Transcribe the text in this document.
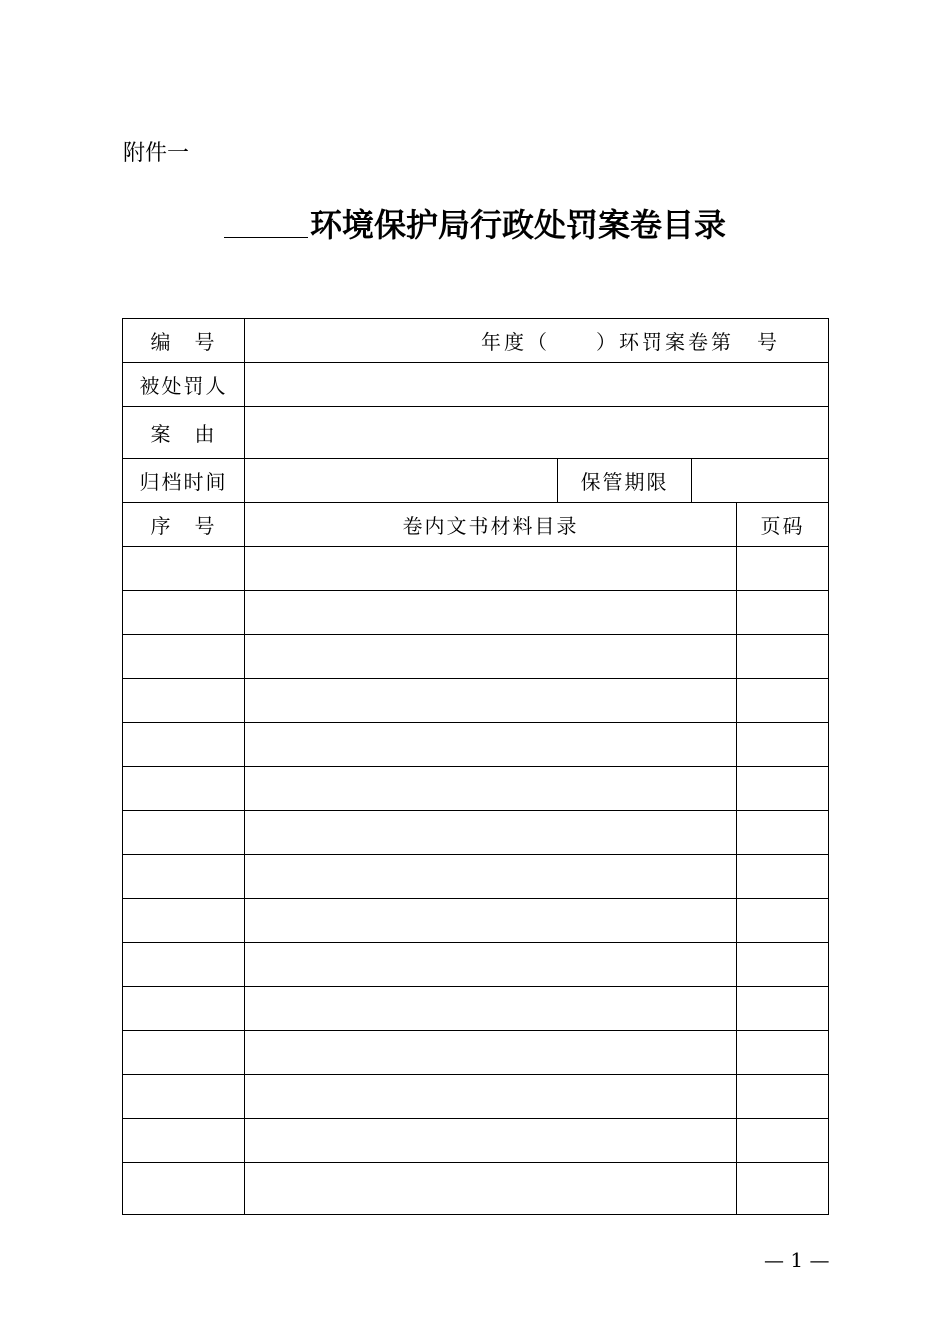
附件一
环境保护局行政处罚案卷目录
编　号	年度（　　）环罚案卷第　号			
被处罚人				
案　由				
归档时间		保管期限		
序　号	卷内文书材料目录			页码

— 1 —
